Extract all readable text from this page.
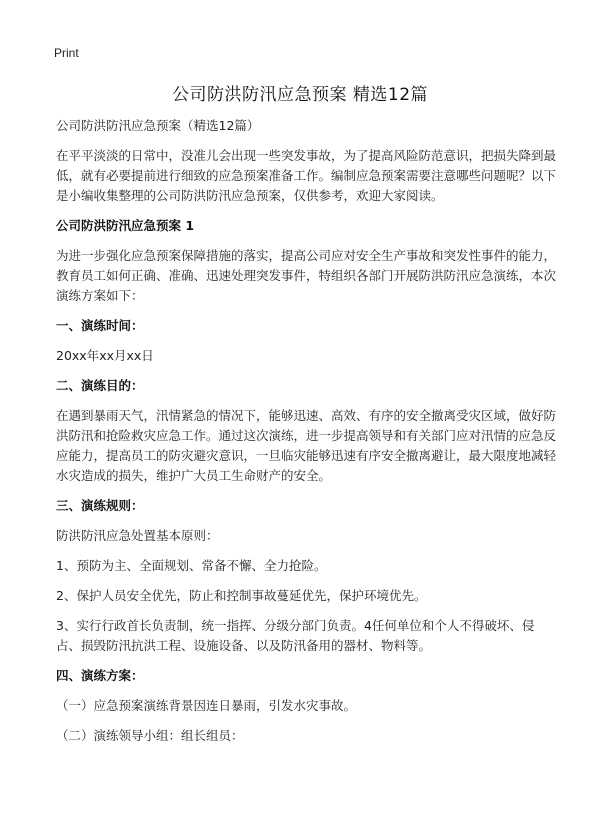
Print
公司防洪防汛应急预案 精选12篇

公司防洪防汛应急预案（精选12篇）

在平平淡淡的日常中，没准儿会出现一些突发事故，为了提高风险防范意识，把损失降到最低，就有必要提前进行细致的应急预案准备工作。编制应急预案需要注意哪些问题呢？以下是小编收集整理的公司防洪防汛应急预案，仅供参考，欢迎大家阅读。

公司防洪防汛应急预案 1

为进一步强化应急预案保障措施的落实，提高公司应对安全生产事故和突发性事件的能力，教育员工如何正确、准确、迅速处理突发事件，特组织各部门开展防洪防汛应急演练，本次演练方案如下：

一、演练时间：

20xx年xx月xx日

二、演练目的：

在遇到暴雨天气，汛情紧急的情况下，能够迅速、高效、有序的安全撤离受灾区域，做好防洪防汛和抢险救灾应急工作。通过这次演练，进一步提高领导和有关部门应对汛情的应急反应能力，提高员工的防灾避灾意识，一旦临灾能够迅速有序安全撤离避让，最大限度地减轻水灾造成的损失，维护广大员工生命财产的安全。

三、演练规则：

防洪防汛应急处置基本原则：

1、预防为主、全面规划、常备不懈、全力抢险。

2、保护人员安全优先，防止和控制事故蔓延优先，保护环境优先。

3、实行行政首长负责制，统一指挥、分级分部门负责。4任何单位和个人不得破坏、侵占、损毁防汛抗洪工程、设施设备、以及防汛备用的器材、物料等。

四、演练方案：

（一）应急预案演练背景因连日暴雨，引发水灾事故。

（二）演练领导小组：组长组员：
